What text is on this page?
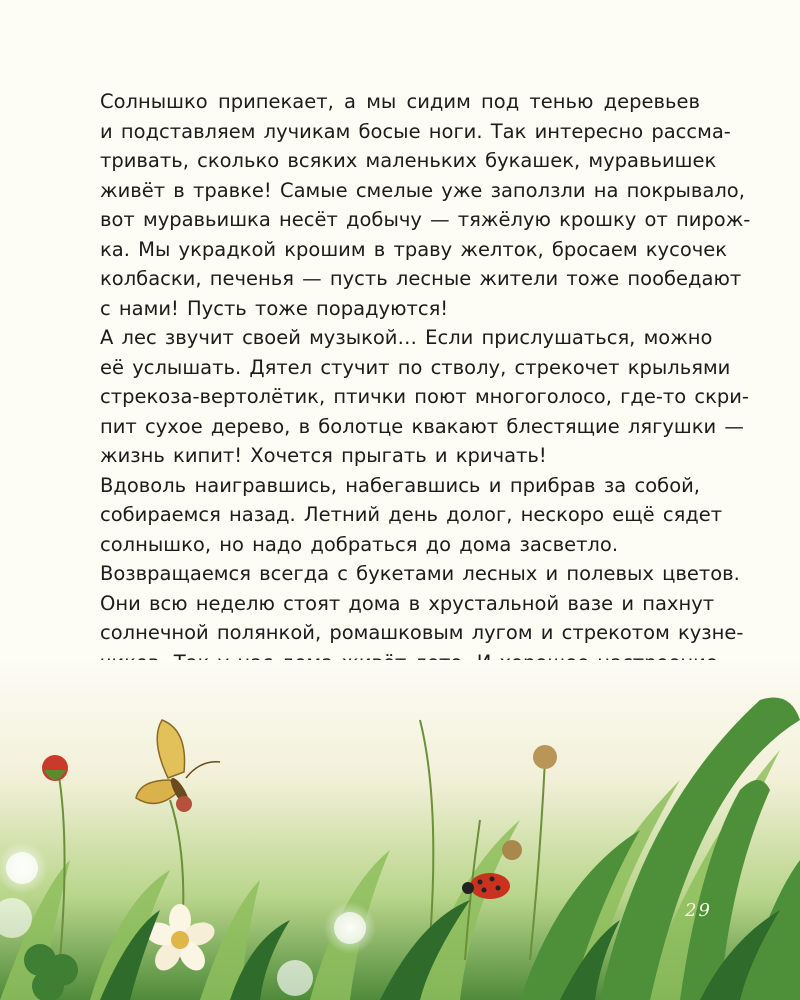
Солнышко припекает, а мы сидим под тенью деревьев
и подставляем лучикам босые ноги. Так интересно рассма-
тривать, сколько всяких маленьких букашек, муравьишек
живёт в травке! Самые смелые уже заползли на покрывало,
вот муравьишка несёт добычу — тяжёлую крошку от пирож-
ка. Мы украдкой крошим в траву желток, бросаем кусочек
колбаски, печенья — пусть лесные жители тоже пообедают
с нами! Пусть тоже порадуются!
А лес звучит своей музыкой… Если прислушаться, можно
её услышать. Дятел стучит по стволу, стрекочет крыльями
стрекоза-вертолётик, птички поют многоголосо, где-то скри-
пит сухое дерево, в болотце квакают блестящие лягушки —
жизнь кипит! Хочется прыгать и кричать!
Вдоволь наигравшись, набегавшись и прибрав за собой,
собираемся назад. Летний день долог, нескоро ещё сядет
солнышко, но надо добраться до дома засветло.
Возвращаемся всегда с букетами лесных и полевых цветов.
Они всю неделю стоят дома в хрустальной вазе и пахнут
солнечной полянкой, ромашковым лугом и стрекотом кузне-
29
